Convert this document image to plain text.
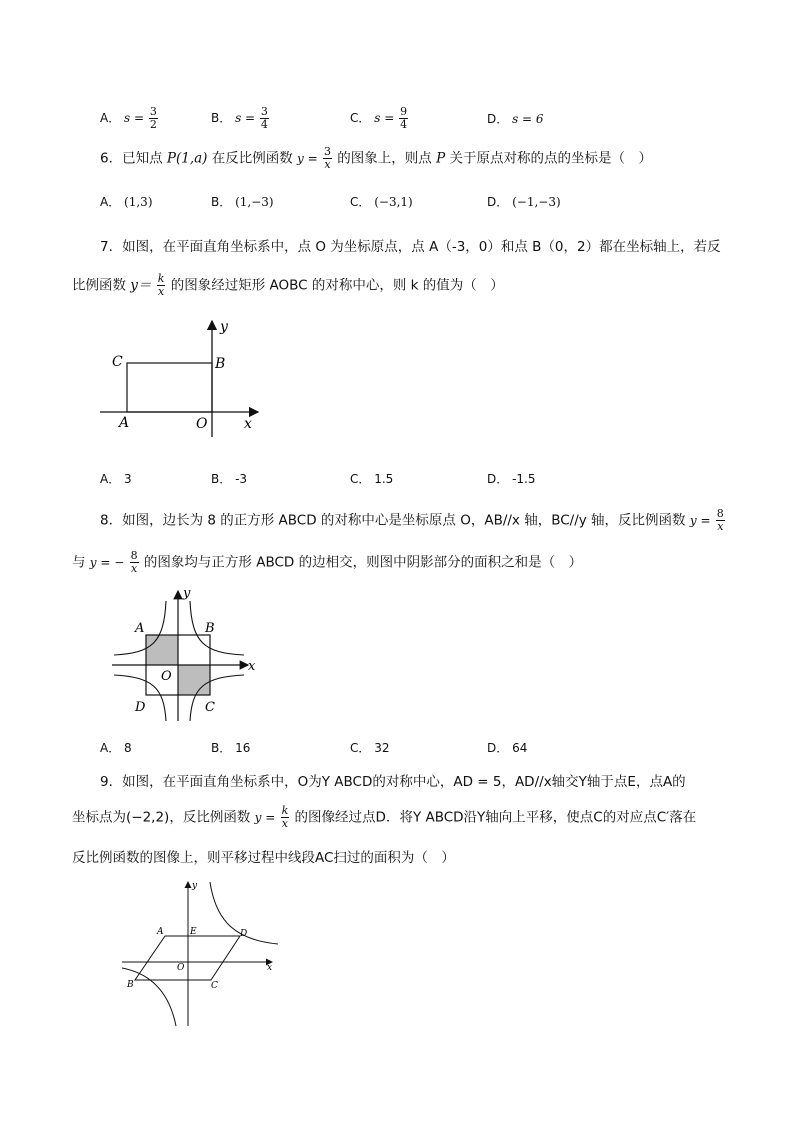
A． $s = \frac{3}{2}$	B． $s = \frac{3}{4}$	C． $s = \frac{9}{4}$	D． s = 6
6．已知点 P(1,a) 在反比例函数 $y = \frac{3}{x}$ 的图象上，则点 P 关于原点对称的点的坐标是（　）
A． (1,3)	B． (1,−3)	C． (−3,1)	D． (−1,−3)
7．如图，在平面直角坐标系中，点 O 为坐标原点，点 A（-3，0）和点 B（0，2）都在坐标轴上，若反
比例函数 $y= \frac{k}{x}$ 的图象经过矩形 AOBC 的对称中心，则 k 的值为（　）
y
C	B
A	O	x
A． 3	B． -3	C． 1.5	D． -1.5
8．如图，边长为 8 的正方形 ABCD 的对称中心是坐标原点 O，AB//x 轴，BC//y 轴，反比例函数 $y = \frac{8}{x}$
与 y = − $\frac{8}{x}$ 的图象均与正方形 ABCD 的边相交，则图中阴影部分的面积之和是（　）
y
A	B
x
O
D	C
A． 8	B． 16	C． 32	D． 64
9．如图，在平面直角坐标系中，O为Y ABCD的对称中心，AD = 5，AD//x轴交Y轴于点E，点A的
坐标点为(−2,2)，反比例函数 $y = \frac{k}{x}$ 的图像经过点D．将Y ABCD沿Y轴向上平移，使点C的对应点C′落在
反比例函数的图像上，则平移过程中线段AC扫过的面积为（　）
y
A	E	D
O	x
B	C
